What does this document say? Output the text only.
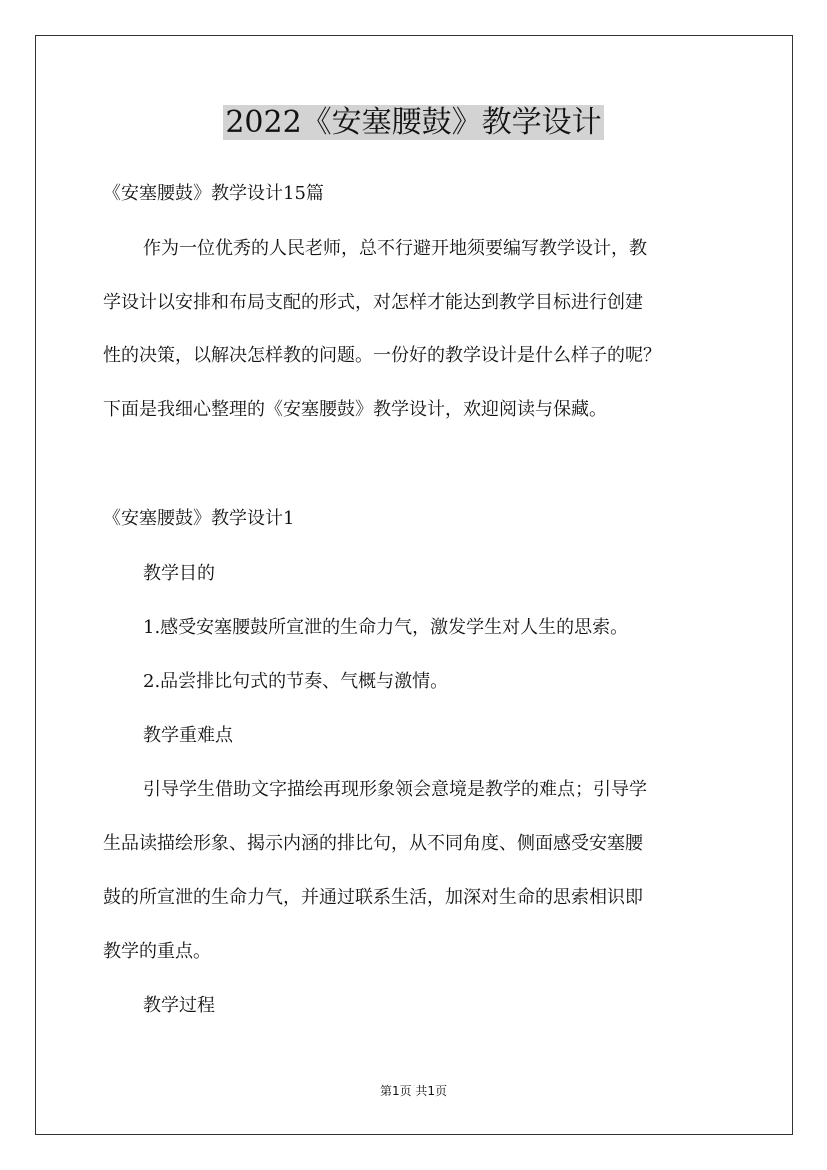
2022《安塞腰鼓》教学设计

《安塞腰鼓》教学设计15篇

作为一位优秀的人民老师，总不行避开地须要编写教学设计，教

学设计以安排和布局支配的形式，对怎样才能达到教学目标进行创建

性的决策，以解决怎样教的问题。一份好的教学设计是什么样子的呢？

下面是我细心整理的《安塞腰鼓》教学设计，欢迎阅读与保藏。

《安塞腰鼓》教学设计1

教学目的

1.感受安塞腰鼓所宣泄的生命力气，激发学生对人生的思索。

2.品尝排比句式的节奏、气概与激情。

教学重难点

引导学生借助文字描绘再现形象领会意境是教学的难点；引导学

生品读描绘形象、揭示内涵的排比句，从不同角度、侧面感受安塞腰

鼓的所宣泄的生命力气，并通过联系生活，加深对生命的思索相识即

教学的重点。

教学过程

第1页 共1页
